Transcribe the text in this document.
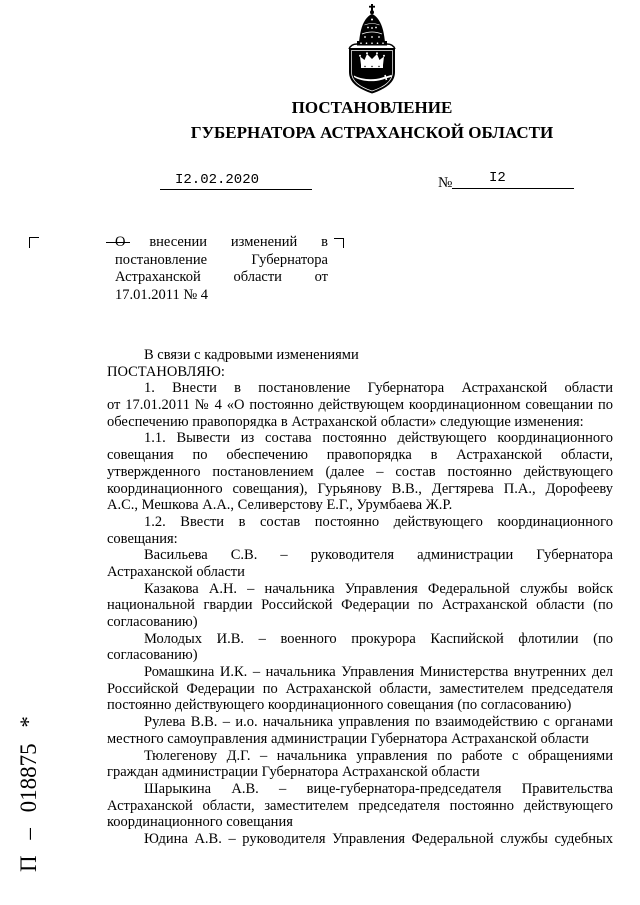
ПОСТАНОВЛЕНИЕ
ГУБЕРНАТОРА АСТРАХАНСКОЙ ОБЛАСТИ
I2.02.2020	№	I2
О внесении изменений в
постановление Губернатора
Астраханской области от
17.01.2011 № 4
В связи с кадровыми изменениями
ПОСТАНОВЛЯЮ:
1. Внести в постановление Губернатора Астраханской области
от 17.01.2011 № 4 «О постоянно действующем координационном совещании по
обеспечению правопорядка в Астраханской области» следующие изменения:
1.1. Вывести из состава постоянно действующего координационного
совещания по обеспечению правопорядка в Астраханской области,
утвержденного постановлением (далее – состав постоянно действующего
координационного совещания), Гурьянову В.В., Дегтярева П.А., Дорофееву
А.С., Мешкова А.А., Селиверстову Е.Г., Урумбаева Ж.Р.
1.2. Ввести в состав постоянно действующего координационного
совещания:
Васильева С.В. – руководителя администрации Губернатора
Астраханской области
Казакова А.Н. – начальника Управления Федеральной службы войск
национальной гвардии Российской Федерации по Астраханской области (по
согласованию)
Молодых И.В. – военного прокурора Каспийской флотилии (по
согласованию)
Ромашкина И.К. – начальника Управления Министерства внутренних дел
Российской Федерации по Астраханской области, заместителем председателя
постоянно действующего координационного совещания (по согласованию)
Рулева В.В. – и.о. начальника управления по взаимодействию с органами
местного самоуправления администрации Губернатора Астраханской области
Тюлегенову Д.Г. – начальника управления по работе с обращениями
граждан администрации Губернатора Астраханской области
Шарыкина А.В. – вице-губернатора-председателя Правительства
Астраханской области, заместителем председателя постоянно действующего
координационного совещания
Юдина А.В. – руководителя Управления Федеральной службы судебных
П – 018875 *
